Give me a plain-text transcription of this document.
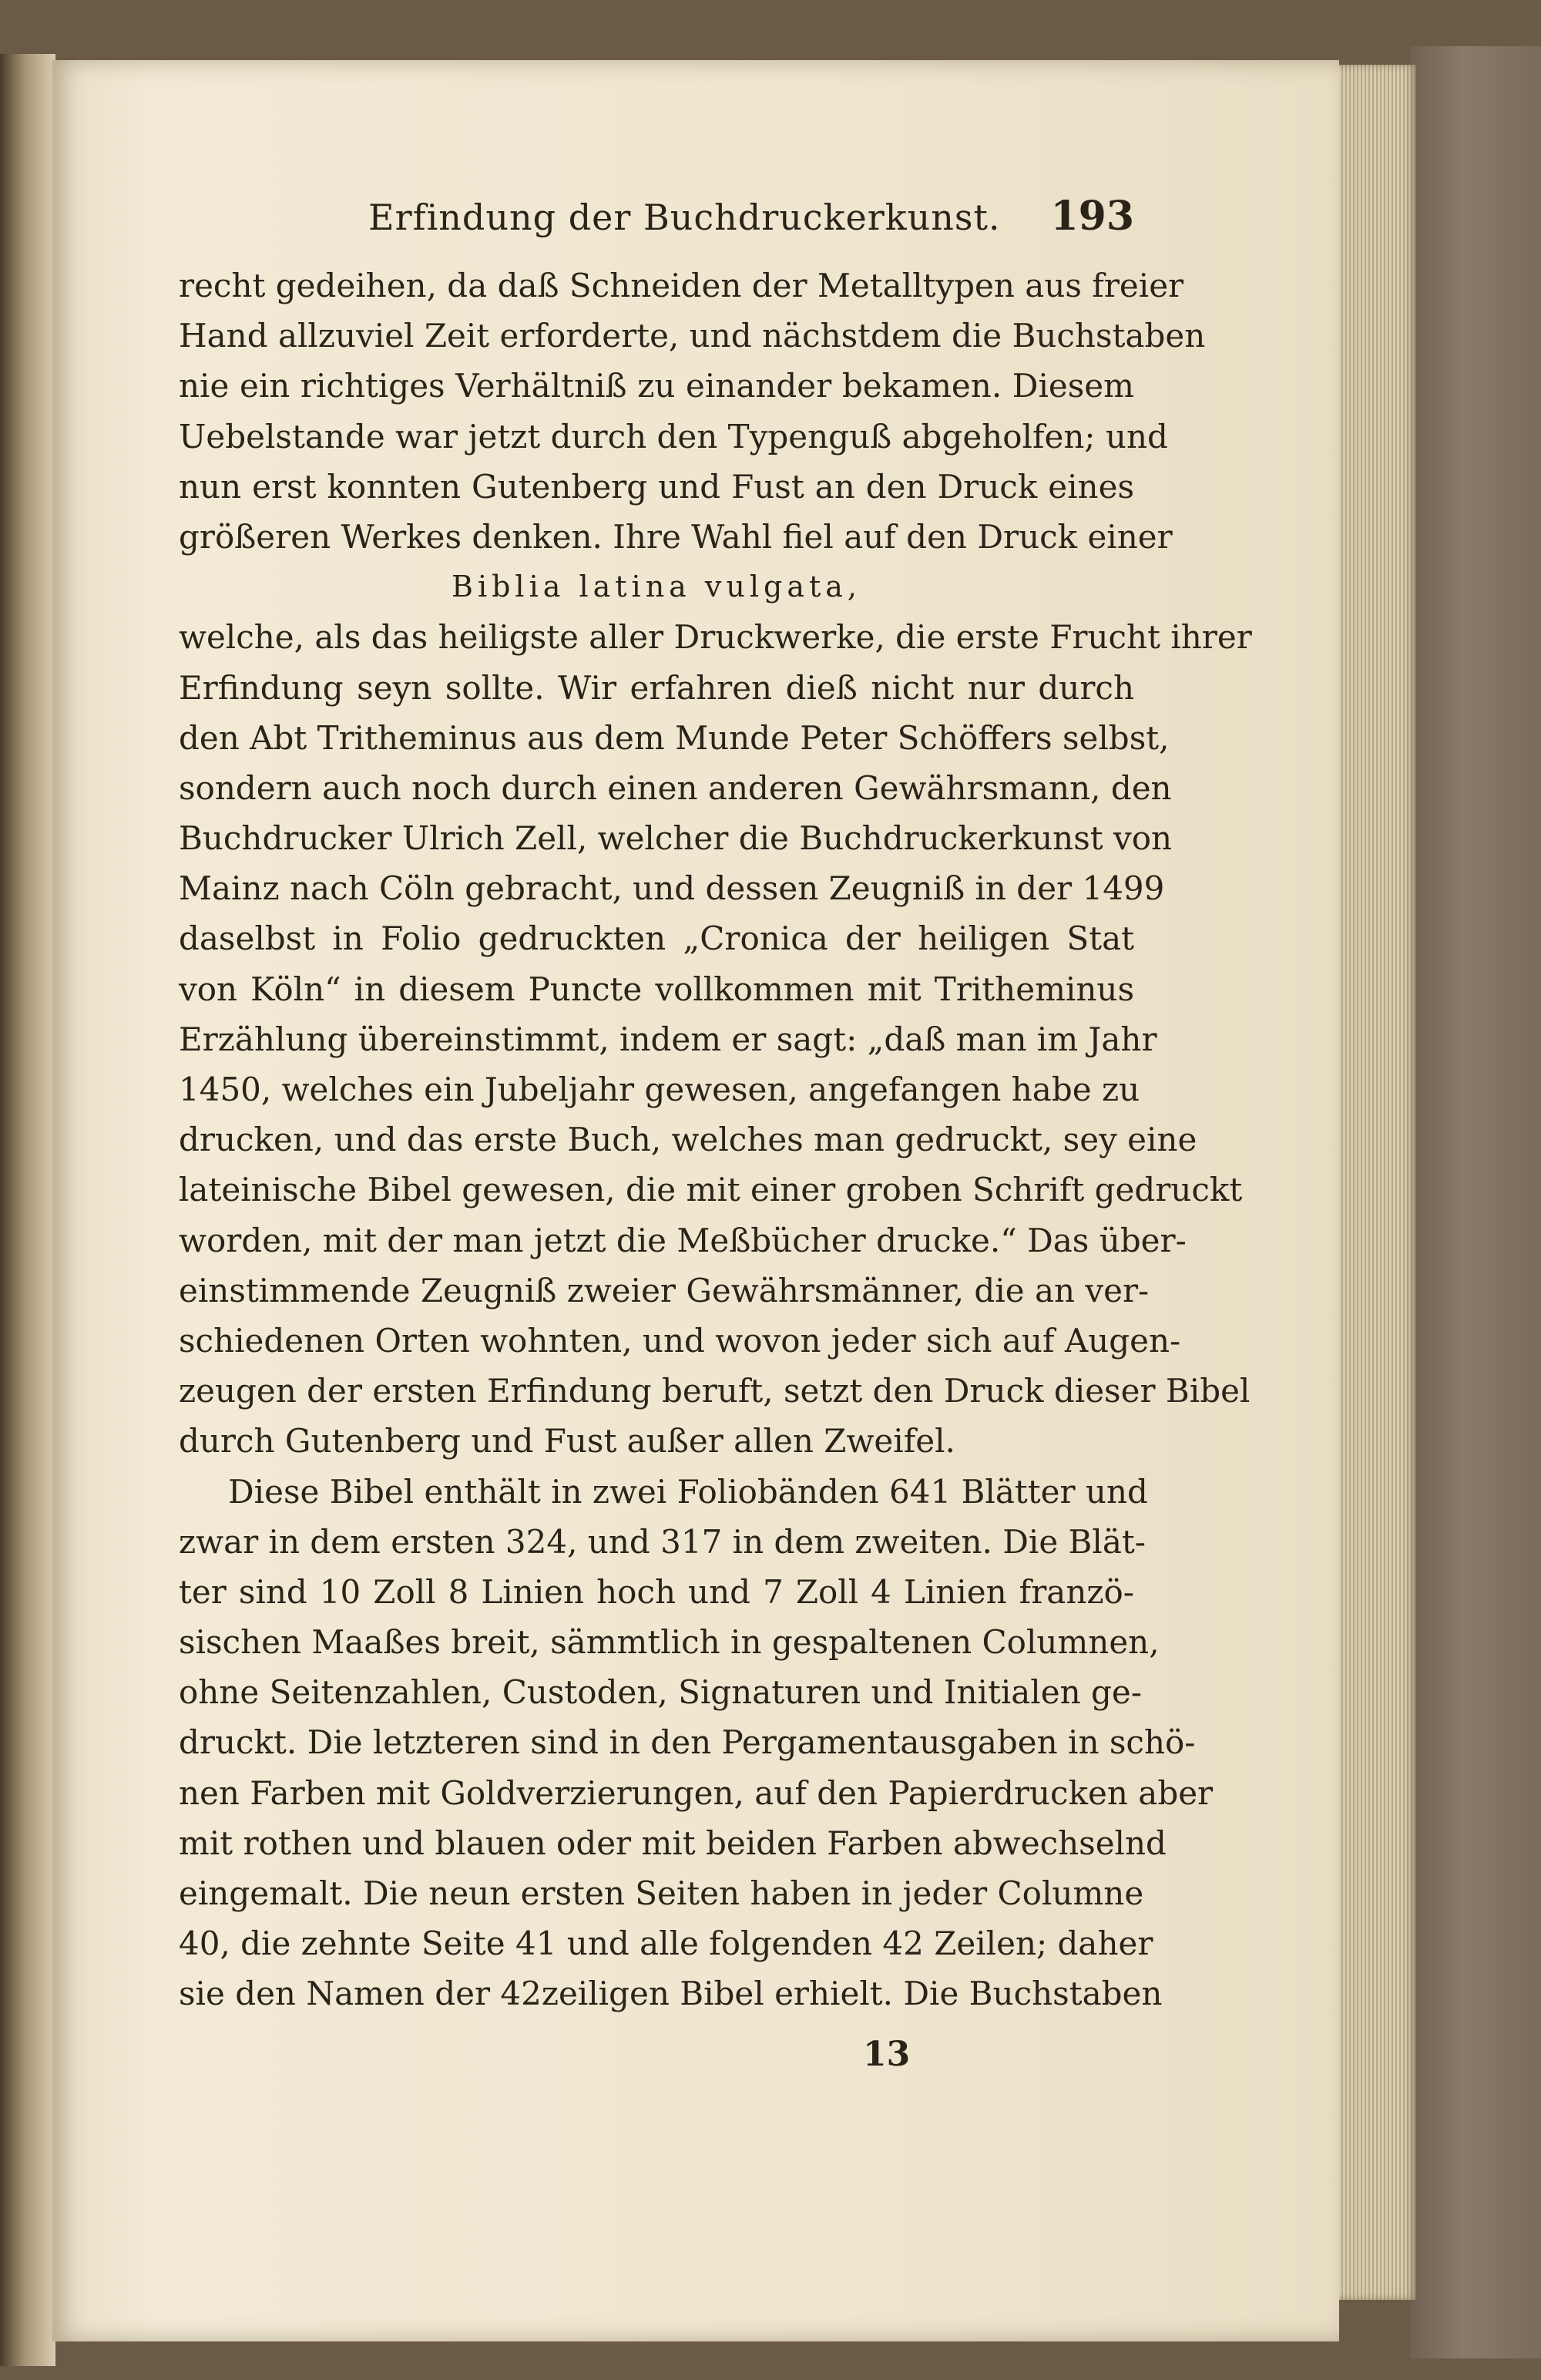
Erfindung der Buchdruckerkunst. 193
recht gedeihen, da daß Schneiden der Metalltypen aus freier
Hand allzuviel Zeit erforderte, und nächstdem die Buchstaben
nie ein richtiges Verhältniß zu einander bekamen. Diesem
Uebelstande war jetzt durch den Typenguß abgeholfen; und
nun erst konnten Gutenberg und Fust an den Druck eines
größeren Werkes denken. Ihre Wahl fiel auf den Druck einer
Biblia latina vulgata,
welche, als das heiligste aller Druckwerke, die erste Frucht ihrer
Erfindung seyn sollte. Wir erfahren dieß nicht nur durch
den Abt Tritheminus aus dem Munde Peter Schöffers selbst,
sondern auch noch durch einen anderen Gewährsmann, den
Buchdrucker Ulrich Zell, welcher die Buchdruckerkunst von
Mainz nach Cöln gebracht, und dessen Zeugniß in der 1499
daselbst in Folio gedruckten „Cronica der heiligen Stat
von Köln“ in diesem Puncte vollkommen mit Tritheminus
Erzählung übereinstimmt, indem er sagt: „daß man im Jahr
1450, welches ein Jubeljahr gewesen, angefangen habe zu
drucken, und das erste Buch, welches man gedruckt, sey eine
lateinische Bibel gewesen, die mit einer groben Schrift gedruckt
worden, mit der man jetzt die Meßbücher drucke.“ Das über-
einstimmende Zeugniß zweier Gewährsmänner, die an ver-
schiedenen Orten wohnten, und wovon jeder sich auf Augen-
zeugen der ersten Erfindung beruft, setzt den Druck dieser Bibel
durch Gutenberg und Fust außer allen Zweifel.
Diese Bibel enthält in zwei Foliobänden 641 Blätter und
zwar in dem ersten 324, und 317 in dem zweiten. Die Blät-
ter sind 10 Zoll 8 Linien hoch und 7 Zoll 4 Linien franzö-
sischen Maaßes breit, sämmtlich in gespaltenen Columnen,
ohne Seitenzahlen, Custoden, Signaturen und Initialen ge-
druckt. Die letzteren sind in den Pergamentausgaben in schö-
nen Farben mit Goldverzierungen, auf den Papierdrucken aber
mit rothen und blauen oder mit beiden Farben abwechselnd
eingemalt. Die neun ersten Seiten haben in jeder Columne
40, die zehnte Seite 41 und alle folgenden 42 Zeilen; daher
sie den Namen der 42zeiligen Bibel erhielt. Die Buchstaben
13
